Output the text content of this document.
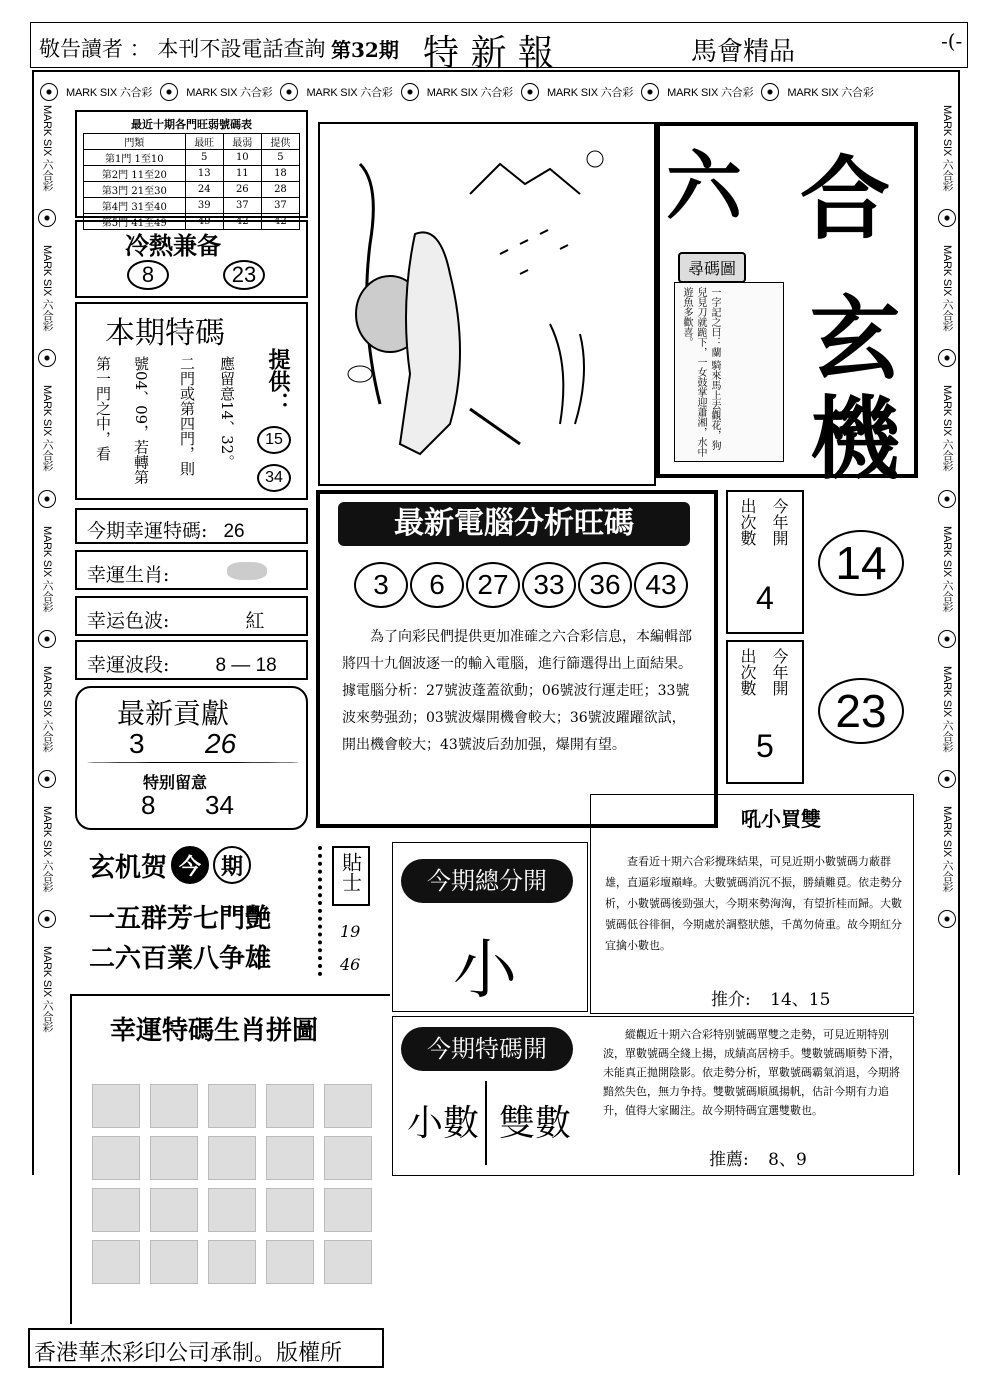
敬告讀者 ： 本刊不設電話查詢 第32期 特 新 報	馬會精品	-(-
MARK SIX 六合彩	MARK SIX 六合彩	MARK SIX 六合彩	MARK SIX 六合彩	MARK SIX 六合彩	MARK SIX 六合彩	MARK SIX 六合彩
MARK SIX 六合彩
MARK SIX 六合彩
MARK SIX 六合彩
MARK SIX 六合彩
MARK SIX 六合彩
MARK SIX 六合彩
MARK SIX 六合彩
MARK SIX 六合彩
MARK SIX 六合彩
MARK SIX 六合彩
MARK SIX 六合彩
MARK SIX 六合彩
MARK SIX 六合彩
最近十期各門旺弱號碼表
門類	最旺	最弱	提供
第1門 1至10	5	10	5
第2門 11至20	13	11	18
第3門 21至30	24	26	28
第4門 31至40	39	37	37
第5門 41至49	49	42	42
冷熱兼备
8	23
本期特碼
第一門之中，看 號04、09，若轉第 二門或第四門，則 應留意14、32。 提供：
15
34
今期幸運特碼: 26
幸運生肖:
幸运色波:	紅
幸運波段: 8 — 18
最新貢獻
3 26
特别留意
8 34
玄机贺 今 期
一五群芳七門艷
二六百業八争雄
貼士
19
46
幸運特碼生肖拼圖
香港華杰彩印公司承制。版權所
六 合
玄
機
尋碼圖
一字記之曰：蘭 騎來馬上去觀花，狗兒見刀就跪下，一女鼓掌迎蕭湘，水中遊魚多歡喜。
最新電腦分析旺碼
3	6	27 33 36 43
為了向彩民們提供更加准確之六合彩信息，本編輯部將四十九個波逐一的輸入電腦，進行篩選得出上面結果。據電腦分析：27號波蓬蓋欲動；06號波行運走旺；33號波來勢强劲；03號波爆開機會較大；36號波躍躍欲試，開出機會較大；43號波后劲加强，爆開有望。
今年開
出次數
4
14
今年開
出次數
5
23
吼小買雙
查看近十期六合彩攪珠結果，可見近期小數號碼力蔽群雄，直逼彩壇巔峰。大數號碼消沉不振，勝績難覓。依走勢分析，小數號碼後勁强大，今期來勢洶洶，有望折桂而歸。大數號碼低谷徘徊，今期處於調整狀態，千萬勿倚重。故今期紅分宜擒小數也。
推介: 14、15
今期總分開
小
今期特碼開
小數 雙數
縱觀近十期六合彩特别號碼單雙之走勢，可見近期特别波，單數號碼全綫上揚，成績高居榜手。雙數號碼順勢下滑，未能真正拋開陰影。依走勢分析，單數號碼霸氣消退，今期將黯然失色，無力争持。雙數號碼順風揚帆，估計今期有力追升，值得大家關注。故今期特碼宜選雙數也。
推薦: 8、9
